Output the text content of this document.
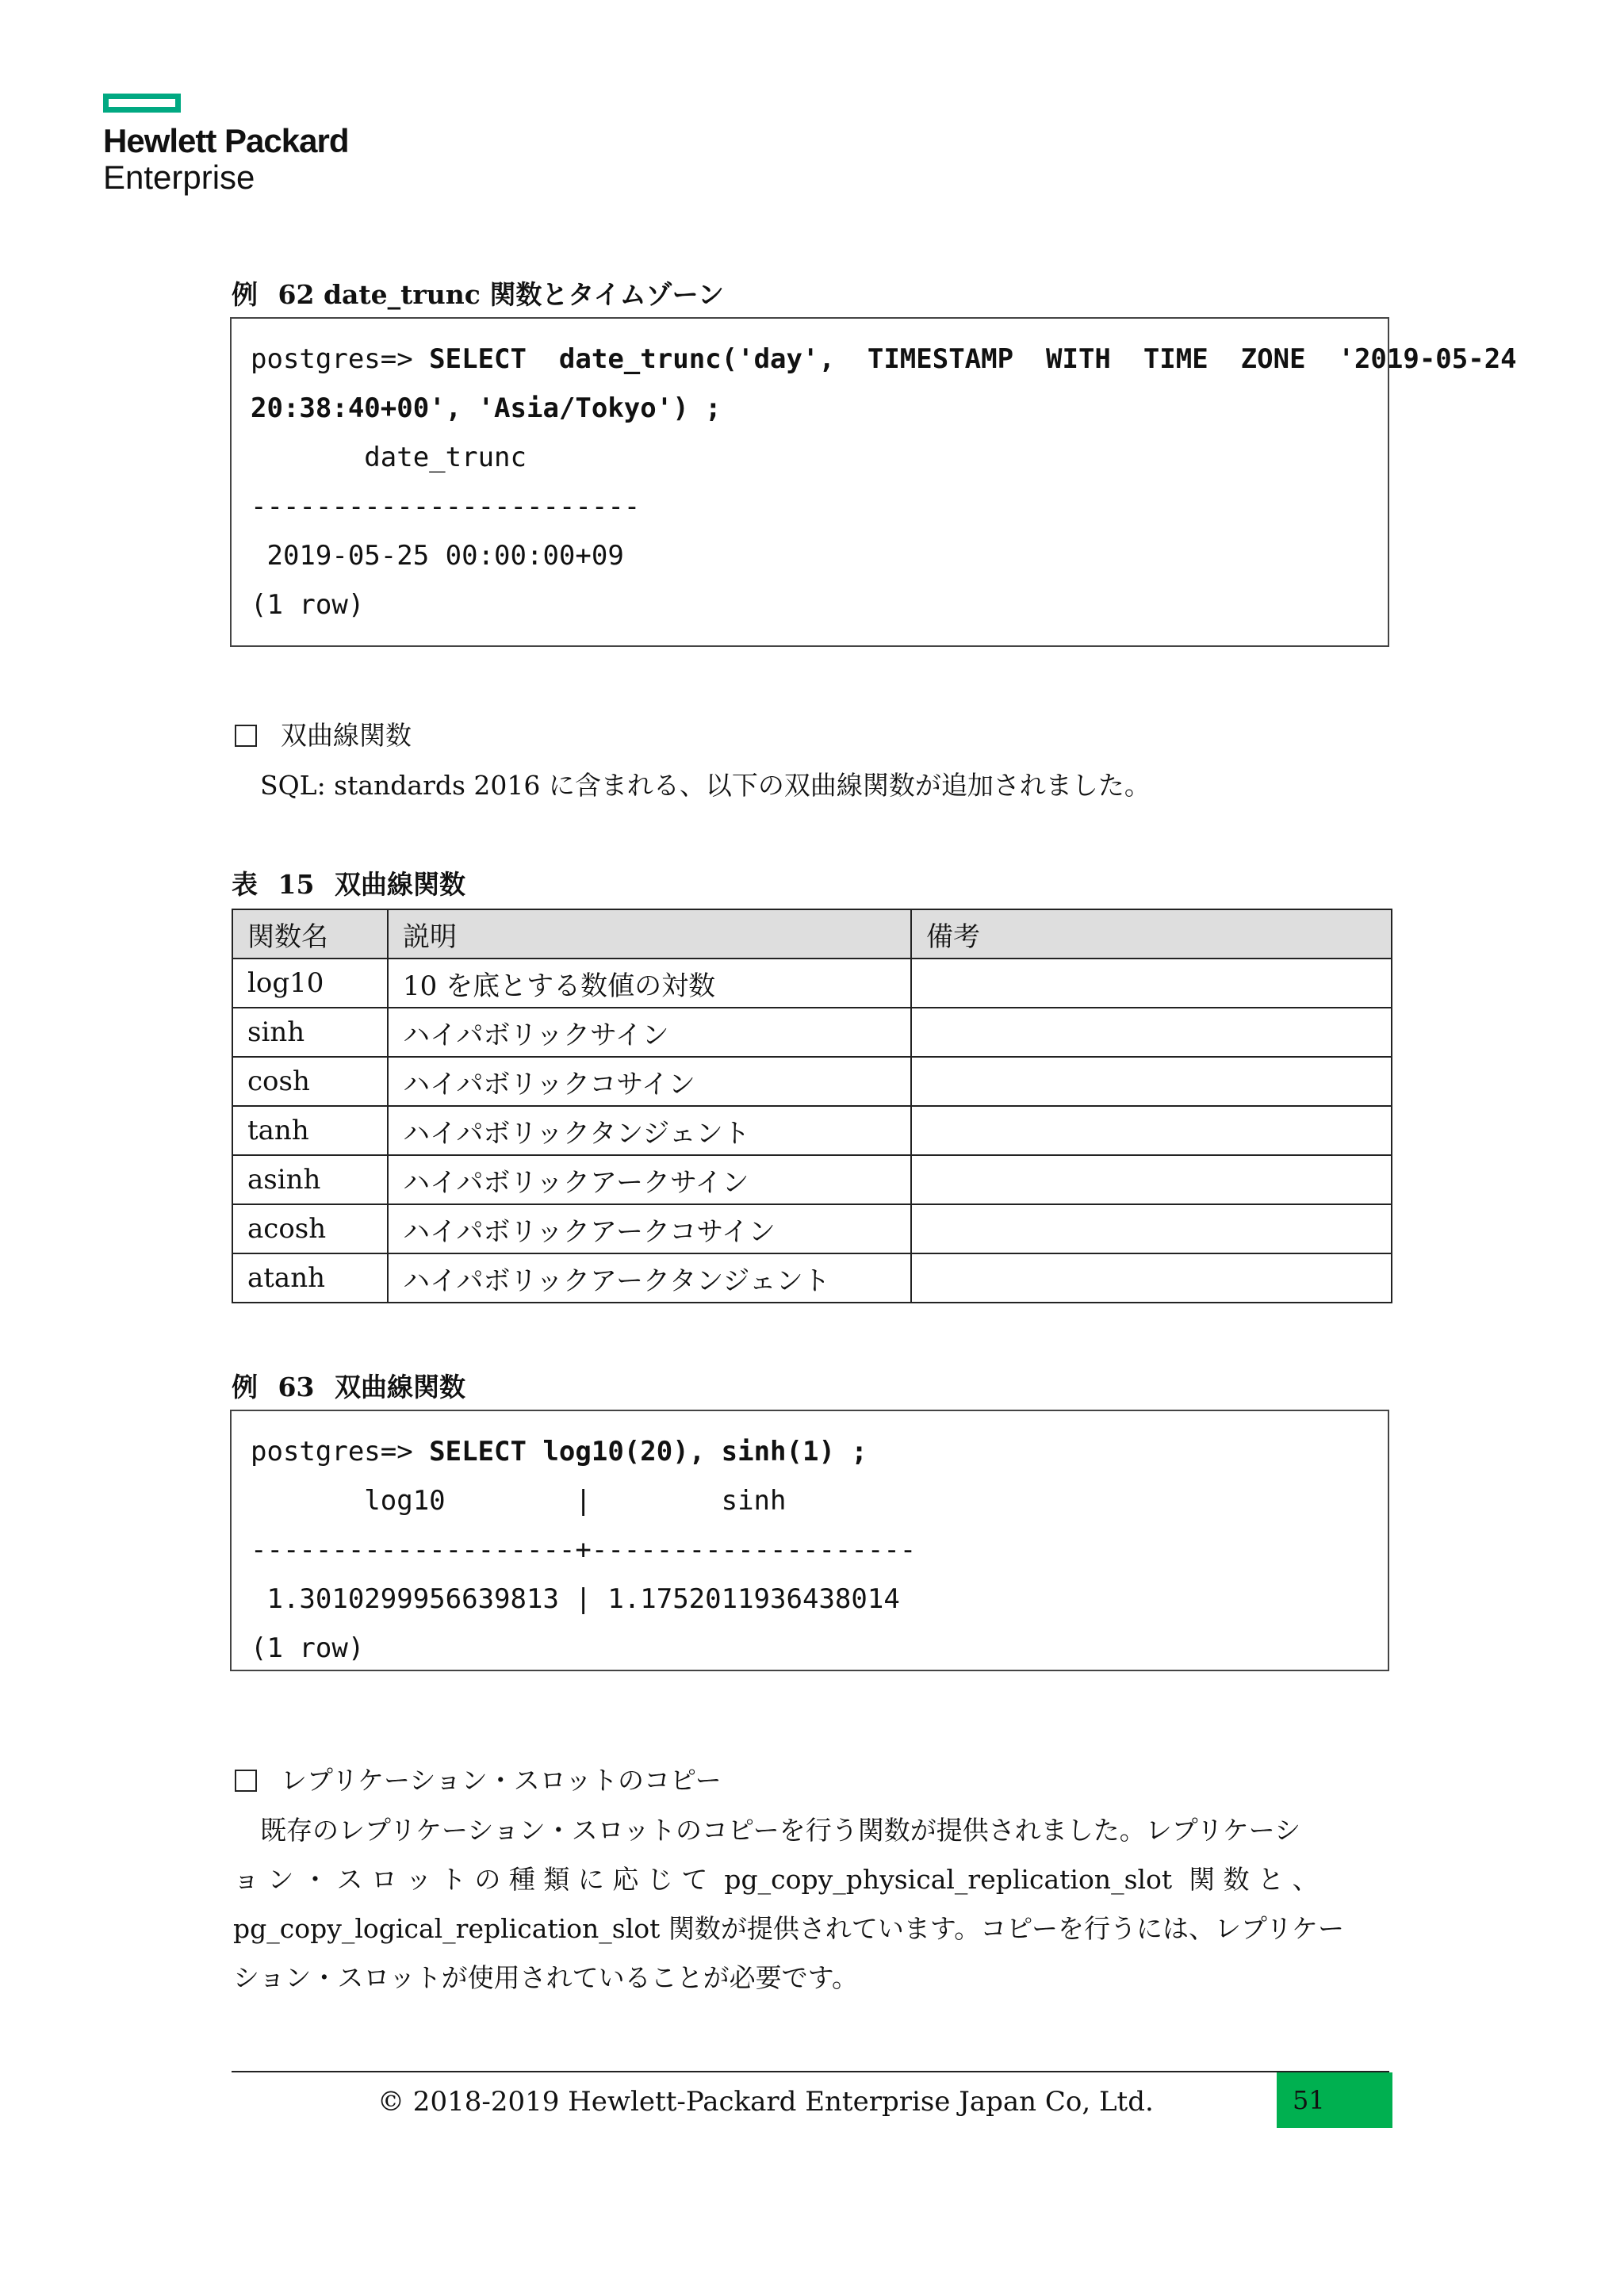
Hewlett Packard
Enterprise
例 62 date_trunc 関数とタイムゾーン
postgres=> SELECT  date_trunc('day',  TIMESTAMP  WITH  TIME  ZONE  '2019-05-24
20:38:40+00', 'Asia/Tokyo') ;
date_trunc
------------------------
2019-05-25 00:00:00+09
(1 row)
双曲線関数
SQL: standards 2016 に含まれる、以下の双曲線関数が追加されました。
表 15 双曲線関数
関数名	説明	備考
log10	10 を底とする数値の対数	
sinh	ハイパボリックサイン	
cosh	ハイパボリックコサイン	
tanh	ハイパボリックタンジェント	
asinh	ハイパボリックアークサイン	
acosh	ハイパボリックアークコサイン	
atanh	ハイパボリックアークタンジェント	
例 63 双曲線関数
postgres=> SELECT log10(20), sinh(1) ;
log10        |        sinh
--------------------+--------------------
1.3010299956639813 | 1.1752011936438014
(1 row)
レプリケーション・スロットのコピー
既存のレプリケーション・スロットのコピーを行う関数が提供されました。レプリケーシ
ョ ン ・ ス ロ ッ ト の 種 類 に 応 じ て  pg_copy_physical_replication_slot  関 数 と 、
pg_copy_logical_replication_slot 関数が提供されています。コピーを行うには、レプリケー
ション・スロットが使用されていることが必要です。
© 2018-2019 Hewlett-Packard Enterprise Japan Co, Ltd.	51
